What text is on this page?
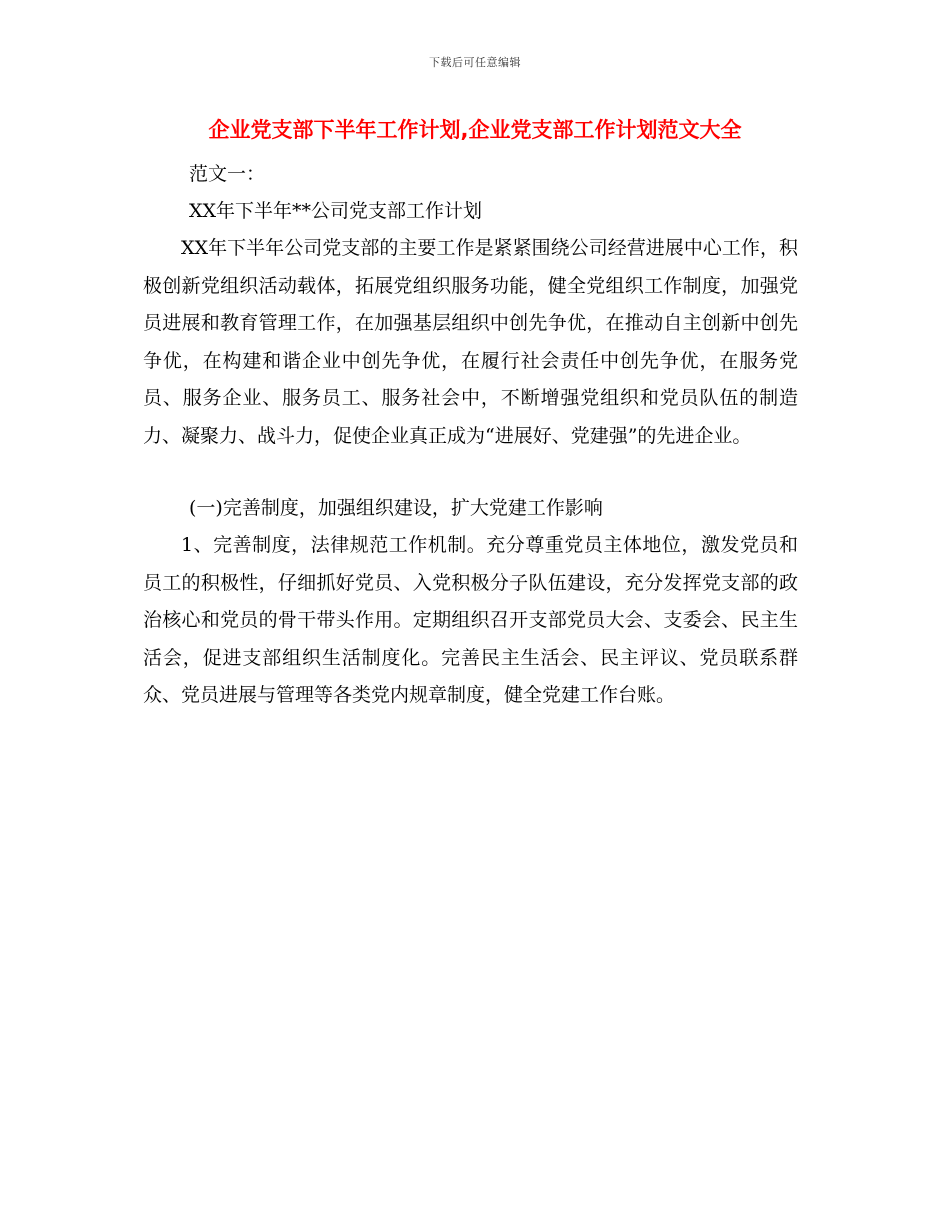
下载后可任意编辑
企业党支部下半年工作计划,企业党支部工作计划范文大全
范文一：
XX年下半年**公司党支部工作计划

XX年下半年公司党支部的主要工作是紧紧围绕公司经营进展中心工作，积极创新党组织活动载体，拓展党组织服务功能，健全党组织工作制度，加强党员进展和教育管理工作，在加强基层组织中创先争优，在推动自主创新中创先争优，在构建和谐企业中创先争优，在履行社会责任中创先争优，在服务党员、服务企业、服务员工、服务社会中，不断增强党组织和党员队伍的制造力、凝聚力、战斗力，促使企业真正成为“进展好、党建强”的先进企业。

(一)完善制度，加强组织建设，扩大党建工作影响

1、完善制度，法律规范工作机制。充分尊重党员主体地位，激发党员和员工的积极性，仔细抓好党员、入党积极分子队伍建设，充分发挥党支部的政治核心和党员的骨干带头作用。定期组织召开支部党员大会、支委会、民主生活会，促进支部组织生活制度化。完善民主生活会、民主评议、党员联系群众、党员进展与管理等各类党内规章制度，健全党建工作台账。
